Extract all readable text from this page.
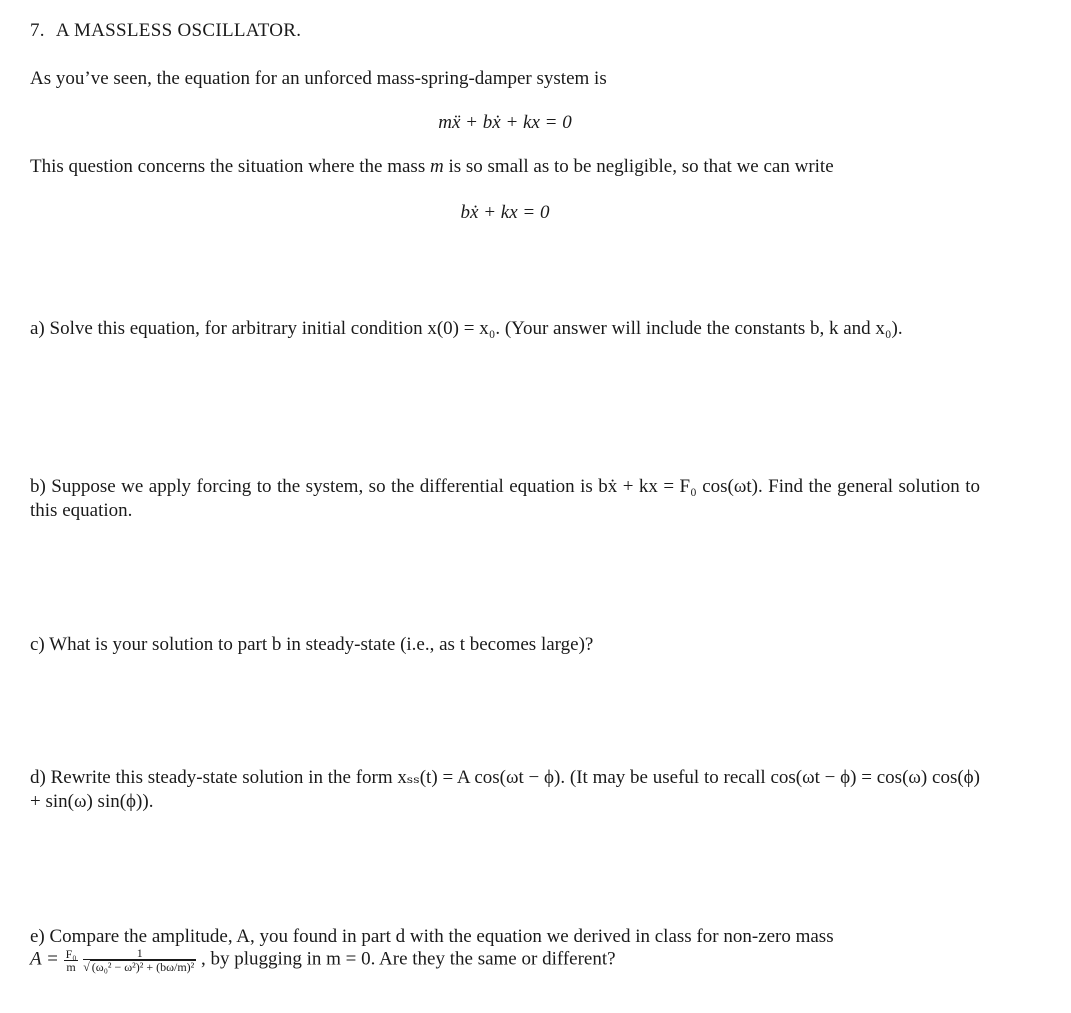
7. A MASSLESS OSCILLATOR.
As you’ve seen, the equation for an unforced mass-spring-damper system is
mẍ + bẋ + kx = 0
This question concerns the situation where the mass m is so small as to be negligible, so that we can write
bẋ + kx = 0
a) Solve this equation, for arbitrary initial condition x(0) = x₀. (Your answer will include the constants b, k and x₀).
b) Suppose we apply forcing to the system, so the differential equation is bẋ + kx = F₀ cos(ωt). Find the general solution to this equation.
c) What is your solution to part b in steady-state (i.e., as t becomes large)?
d) Rewrite this steady-state solution in the form xₛₛ(t) = A cos(ωt − ϕ). (It may be useful to recall cos(ωt − ϕ) = cos(ω) cos(ϕ) + sin(ω) sin(ϕ)).
e) Compare the amplitude, A, you found in part d with the equation we derived in class for non-zero mass
$A = \frac{\text{F₀}}{m}$
$\frac{1}{\text{√ (ω₀² − ω²)² + (bω/m)²}}$ , by plugging in m = 0. Are they the same or different?
